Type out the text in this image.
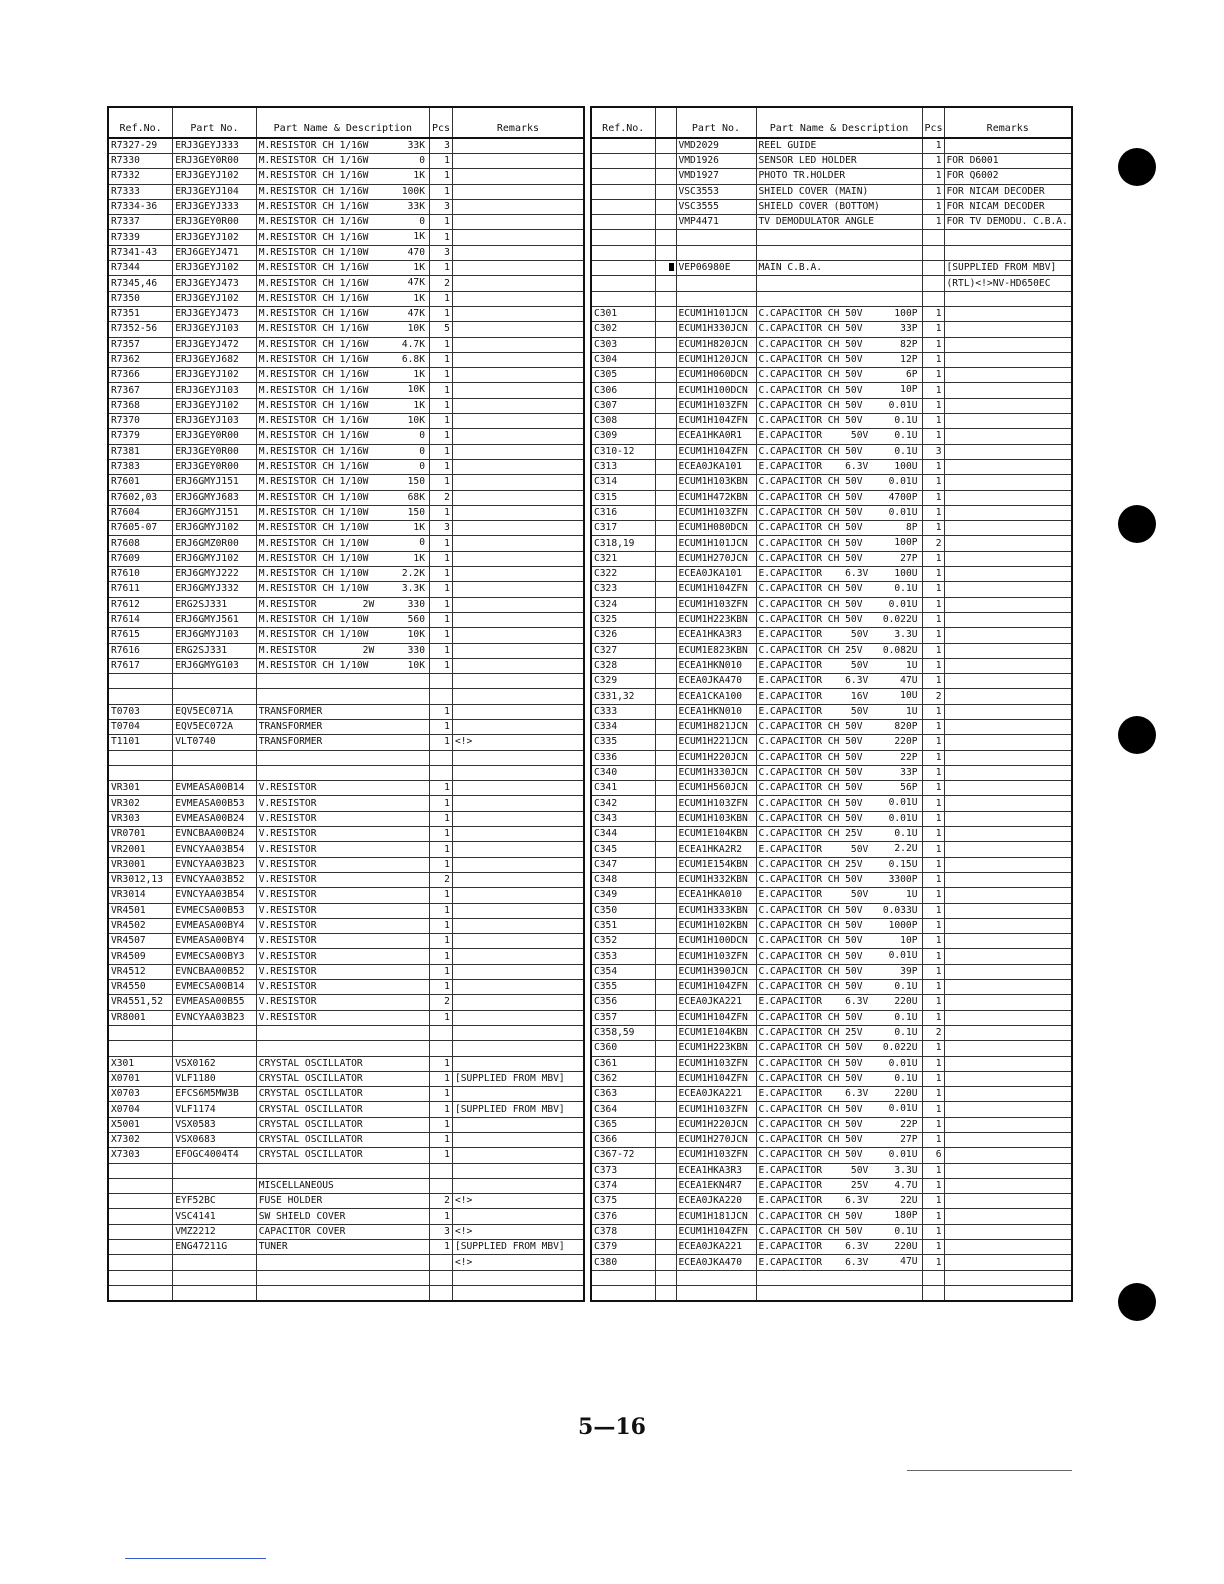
Ref.No.	Part No.	Part Name & Description	Pcs	Remarks
R7327-29	ERJ3GEYJ333	M.RESISTOR CH 1/16W 33K	3	
R7330	ERJ3GEY0R00	M.RESISTOR CH 1/16W 0	1	
R7332	ERJ3GEYJ102	M.RESISTOR CH 1/16W 1K	1	
R7333	ERJ3GEYJ104	M.RESISTOR CH 1/16W 100K	1	
R7334-36	ERJ3GEYJ333	M.RESISTOR CH 1/16W 33K	3	
R7337	ERJ3GEY0R00	M.RESISTOR CH 1/16W 0	1	
R7339	ERJ3GEYJ102	M.RESISTOR CH 1/16W 1K	1	
R7341-43	ERJ6GEYJ471	M.RESISTOR CH 1/10W 470	3	
R7344	ERJ3GEYJ102	M.RESISTOR CH 1/16W 1K	1	
R7345,46	ERJ3GEYJ473	M.RESISTOR CH 1/16W 47K	2	
R7350	ERJ3GEYJ102	M.RESISTOR CH 1/16W 1K	1	
R7351	ERJ3GEYJ473	M.RESISTOR CH 1/16W 47K	1	
R7352-56	ERJ3GEYJ103	M.RESISTOR CH 1/16W 10K	5	
R7357	ERJ3GEYJ472	M.RESISTOR CH 1/16W 4.7K	1	
R7362	ERJ3GEYJ682	M.RESISTOR CH 1/16W 6.8K	1	
R7366	ERJ3GEYJ102	M.RESISTOR CH 1/16W 1K	1	
R7367	ERJ3GEYJ103	M.RESISTOR CH 1/16W 10K	1	
R7368	ERJ3GEYJ102	M.RESISTOR CH 1/16W 1K	1	
R7370	ERJ3GEYJ103	M.RESISTOR CH 1/16W 10K	1	
R7379	ERJ3GEY0R00	M.RESISTOR CH 1/16W 0	1	
R7381	ERJ3GEY0R00	M.RESISTOR CH 1/16W 0	1	
R7383	ERJ3GEY0R00	M.RESISTOR CH 1/16W 0	1	
R7601	ERJ6GMYJ151	M.RESISTOR CH 1/10W 150	1	
R7602,03	ERJ6GMYJ683	M.RESISTOR CH 1/10W 68K	2	
R7604	ERJ6GMYJ151	M.RESISTOR CH 1/10W 150	1	
R7605-07	ERJ6GMYJ102	M.RESISTOR CH 1/10W 1K	3	
R7608	ERJ6GMZ0R00	M.RESISTOR CH 1/10W 0	1	
R7609	ERJ6GMYJ102	M.RESISTOR CH 1/10W 1K	1	
R7610	ERJ6GMYJ222	M.RESISTOR CH 1/10W 2.2K	1	
R7611	ERJ6GMYJ332	M.RESISTOR CH 1/10W 3.3K	1	
R7612	ERG2SJ331	M.RESISTOR        2W 330	1	
R7614	ERJ6GMYJ561	M.RESISTOR CH 1/10W 560	1	
R7615	ERJ6GMYJ103	M.RESISTOR CH 1/10W 10K	1	
R7616	ERG2SJ331	M.RESISTOR        2W 330	1	
R7617	ERJ6GMYG103	M.RESISTOR CH 1/10W 10K	1	

T0703	EQV5EC071A	TRANSFORMER	1	
T0704	EQV5EC072A	TRANSFORMER	1	
T1101	VLT0740	TRANSFORMER	1	<!>

VR301	EVMEASA00B14	V.RESISTOR	1	
VR302	EVMEASA00B53	V.RESISTOR	1	
VR303	EVMEASA00B24	V.RESISTOR	1	
VR0701	EVNCBAA00B24	V.RESISTOR	1	
VR2001	EVNCYAA03B54	V.RESISTOR	1	
VR3001	EVNCYAA03B23	V.RESISTOR	1	
VR3012,13	EVNCYAA03B52	V.RESISTOR	2	
VR3014	EVNCYAA03B54	V.RESISTOR	1	
VR4501	EVMECSA00B53	V.RESISTOR	1	
VR4502	EVMEASA00BY4	V.RESISTOR	1	
VR4507	EVMEASA00BY4	V.RESISTOR	1	
VR4509	EVMECSA00BY3	V.RESISTOR	1	
VR4512	EVNCBAA00B52	V.RESISTOR	1	
VR4550	EVMECSA00B14	V.RESISTOR	1	
VR4551,52	EVMEASA00B55	V.RESISTOR	2	
VR8001	EVNCYAA03B23	V.RESISTOR	1	

X301	VSX0162	CRYSTAL OSCILLATOR	1	
X0701	VLF1180	CRYSTAL OSCILLATOR	1	[SUPPLIED FROM MBV]
X0703	EFCS6M5MW3B	CRYSTAL OSCILLATOR	1	
X0704	VLF1174	CRYSTAL OSCILLATOR	1	[SUPPLIED FROM MBV]
X5001	VSX0583	CRYSTAL OSCILLATOR	1	
X7302	VSX0683	CRYSTAL OSCILLATOR	1	
X7303	EFOGC4004T4	CRYSTAL OSCILLATOR	1	

		MISCELLANEOUS

	EYF52BC	FUSE HOLDER	2	<!>
	VSC4141	SW SHIELD COVER	1	
	VMZ2212	CAPACITOR COVER	3	<!>
	ENG47211G	TUNER	1	[SUPPLIED FROM MBV]

		<!>

Ref.No.		Part No.	Part Name & Description	Pcs	Remarks
		VMD2029	REEL GUIDE	1	
		VMD1926	SENSOR LED HOLDER	1	FOR D6001
		VMD1927	PHOTO TR.HOLDER	1	FOR Q6002
		VSC3553	SHIELD COVER (MAIN)	1	FOR NICAM DECODER
		VSC3555	SHIELD COVER (BOTTOM)	1	FOR NICAM DECODER
		VMP4471	TV DEMODULATOR ANGLE	1	FOR TV DEMODU. C.B.A.

		VEP06980E	MAIN C.B.A.		[SUPPLIED FROM MBV]

		(RTL)<!>NV-HD650EC

C301		ECUM1H101JCN	C.CAPACITOR CH 50V 100P	1	
C302		ECUM1H330JCN	C.CAPACITOR CH 50V 33P	1	
C303		ECUM1H820JCN	C.CAPACITOR CH 50V 82P	1	
C304		ECUM1H120JCN	C.CAPACITOR CH 50V 12P	1	
C305		ECUM1H060DCN	C.CAPACITOR CH 50V 6P	1	
C306		ECUM1H100DCN	C.CAPACITOR CH 50V 10P	1	
C307		ECUM1H103ZFN	C.CAPACITOR CH 50V 0.01U	1	
C308		ECUM1H104ZFN	C.CAPACITOR CH 50V 0.1U	1	
C309		ECEA1HKA0R1	E.CAPACITOR     50V 0.1U	1	
C310-12		ECUM1H104ZFN	C.CAPACITOR CH 50V 0.1U	3	
C313		ECEA0JKA101	E.CAPACITOR    6.3V 100U	1	
C314		ECUM1H103KBN	C.CAPACITOR CH 50V 0.01U	1	
C315		ECUM1H472KBN	C.CAPACITOR CH 50V 4700P	1	
C316		ECUM1H103ZFN	C.CAPACITOR CH 50V 0.01U	1	
C317		ECUM1H080DCN	C.CAPACITOR CH 50V 8P	1	
C318,19		ECUM1H101JCN	C.CAPACITOR CH 50V 100P	2	
C321		ECUM1H270JCN	C.CAPACITOR CH 50V 27P	1	
C322		ECEA0JKA101	E.CAPACITOR    6.3V 100U	1	
C323		ECUM1H104ZFN	C.CAPACITOR CH 50V 0.1U	1	
C324		ECUM1H103ZFN	C.CAPACITOR CH 50V 0.01U	1	
C325		ECUM1H223KBN	C.CAPACITOR CH 50V 0.022U	1	
C326		ECEA1HKA3R3	E.CAPACITOR     50V 3.3U	1	
C327		ECUM1E823KBN	C.CAPACITOR CH 25V 0.082U	1	
C328		ECEA1HKN010	E.CAPACITOR     50V 1U	1	
C329		ECEA0JKA470	E.CAPACITOR    6.3V 47U	1	
C331,32		ECEA1CKA100	E.CAPACITOR     16V 10U	2	
C333		ECEA1HKN010	E.CAPACITOR     50V 1U	1	
C334		ECUM1H821JCN	C.CAPACITOR CH 50V 820P	1	
C335		ECUM1H221JCN	C.CAPACITOR CH 50V 220P	1	
C336		ECUM1H220JCN	C.CAPACITOR CH 50V 22P	1	
C340		ECUM1H330JCN	C.CAPACITOR CH 50V 33P	1	
C341		ECUM1H560JCN	C.CAPACITOR CH 50V 56P	1	
C342		ECUM1H103ZFN	C.CAPACITOR CH 50V 0.01U	1	
C343		ECUM1H103KBN	C.CAPACITOR CH 50V 0.01U	1	
C344		ECUM1E104KBN	C.CAPACITOR CH 25V 0.1U	1	
C345		ECEA1HKA2R2	E.CAPACITOR     50V 2.2U	1	
C347		ECUM1E154KBN	C.CAPACITOR CH 25V 0.15U	1	
C348		ECUM1H332KBN	C.CAPACITOR CH 50V 3300P	1	
C349		ECEA1HKA010	E.CAPACITOR     50V 1U	1	
C350		ECUM1H333KBN	C.CAPACITOR CH 50V 0.033U	1	
C351		ECUM1H102KBN	C.CAPACITOR CH 50V 1000P	1	
C352		ECUM1H100DCN	C.CAPACITOR CH 50V 10P	1	
C353		ECUM1H103ZFN	C.CAPACITOR CH 50V 0.01U	1	
C354		ECUM1H390JCN	C.CAPACITOR CH 50V 39P	1	
C355		ECUM1H104ZFN	C.CAPACITOR CH 50V 0.1U	1	
C356		ECEA0JKA221	E.CAPACITOR    6.3V 220U	1	
C357		ECUM1H104ZFN	C.CAPACITOR CH 50V 0.1U	1	
C358,59		ECUM1E104KBN	C.CAPACITOR CH 25V 0.1U	2	
C360		ECUM1H223KBN	C.CAPACITOR CH 50V 0.022U	1	
C361		ECUM1H103ZFN	C.CAPACITOR CH 50V 0.01U	1	
C362		ECUM1H104ZFN	C.CAPACITOR CH 50V 0.1U	1	
C363		ECEA0JKA221	E.CAPACITOR    6.3V 220U	1	
C364		ECUM1H103ZFN	C.CAPACITOR CH 50V 0.01U	1	
C365		ECUM1H220JCN	C.CAPACITOR CH 50V 22P	1	
C366		ECUM1H270JCN	C.CAPACITOR CH 50V 27P	1	
C367-72		ECUM1H103ZFN	C.CAPACITOR CH 50V 0.01U	6	
C373		ECEA1HKA3R3	E.CAPACITOR     50V 3.3U	1	
C374		ECEA1EKN4R7	E.CAPACITOR     25V 4.7U	1	
C375		ECEA0JKA220	E.CAPACITOR    6.3V 22U	1	
C376		ECUM1H181JCN	C.CAPACITOR CH 50V 180P	1	
C378		ECUM1H104ZFN	C.CAPACITOR CH 50V 0.1U	1	
C379		ECEA0JKA221	E.CAPACITOR    6.3V 220U	1	
C380		ECEA0JKA470	E.CAPACITOR    6.3V 47U	1	

5—16
